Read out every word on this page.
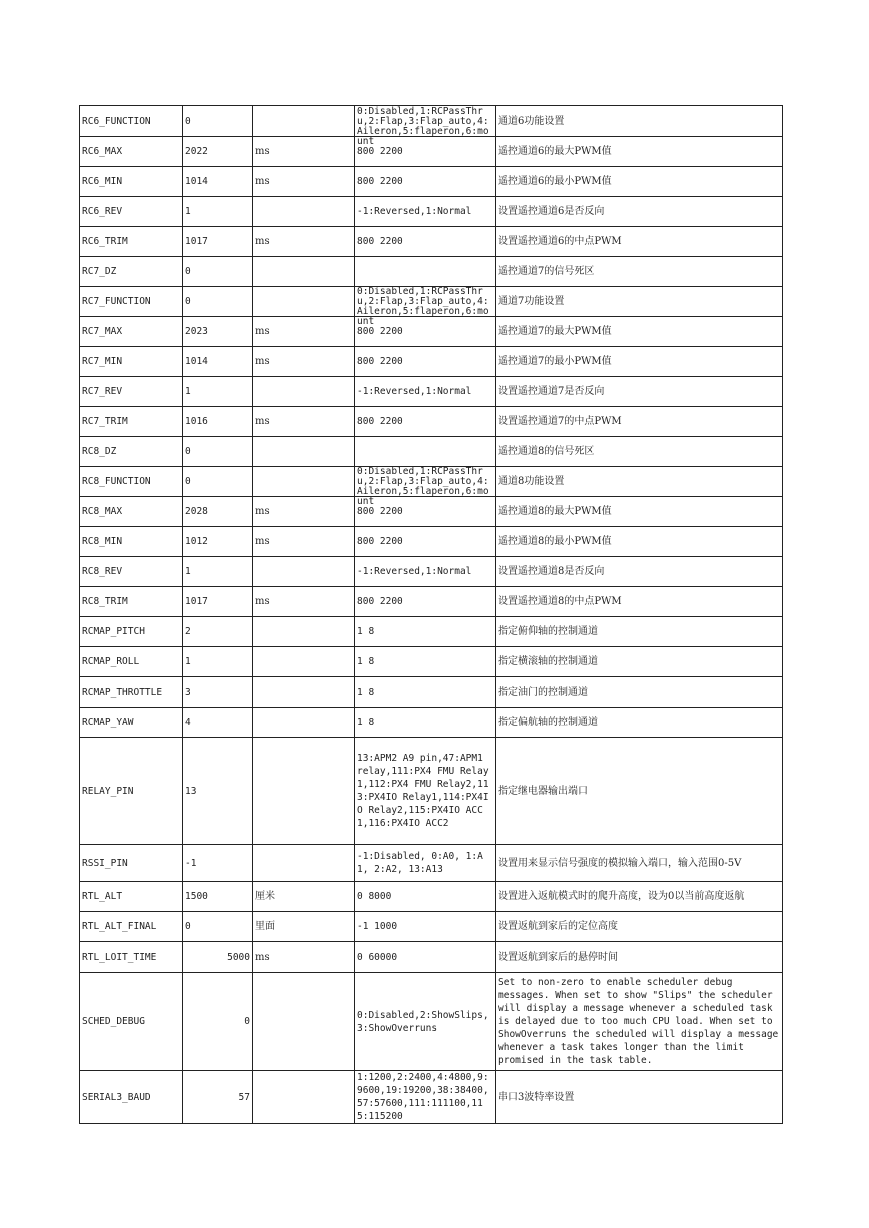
RC6_FUNCTION	0		0:Disabled,1:RCPassThru,2:Flap,3:Flap_auto,4:Aileron,5:flaperon,6:mount	通道6功能设置
RC6_MAX	2022	ms	800 2200	遥控通道6的最大PWM值
RC6_MIN	1014	ms	800 2200	遥控通道6的最小PWM值
RC6_REV	1		-1:Reversed,1:Normal	设置遥控通道6是否反向
RC6_TRIM	1017	ms	800 2200	设置遥控通道6的中点PWM
RC7_DZ	0			遥控通道7的信号死区
RC7_FUNCTION	0		0:Disabled,1:RCPassThru,2:Flap,3:Flap_auto,4:Aileron,5:flaperon,6:mount	通道7功能设置
RC7_MAX	2023	ms	800 2200	遥控通道7的最大PWM值
RC7_MIN	1014	ms	800 2200	遥控通道7的最小PWM值
RC7_REV	1		-1:Reversed,1:Normal	设置遥控通道7是否反向
RC7_TRIM	1016	ms	800 2200	设置遥控通道7的中点PWM
RC8_DZ	0			遥控通道8的信号死区
RC8_FUNCTION	0		0:Disabled,1:RCPassThru,2:Flap,3:Flap_auto,4:Aileron,5:flaperon,6:mount	通道8功能设置
RC8_MAX	2028	ms	800 2200	遥控通道8的最大PWM值
RC8_MIN	1012	ms	800 2200	遥控通道8的最小PWM值
RC8_REV	1		-1:Reversed,1:Normal	设置遥控通道8是否反向
RC8_TRIM	1017	ms	800 2200	设置遥控通道8的中点PWM
RCMAP_PITCH	2		1 8	指定俯仰轴的控制通道
RCMAP_ROLL	1		1 8	指定横滚轴的控制通道
RCMAP_THROTTLE	3		1 8	指定油门的控制通道
RCMAP_YAW	4		1 8	指定偏航轴的控制通道
RELAY_PIN	13		13:APM2 A9 pin,47:APM1 relay,111:PX4 FMU Relay1,112:PX4 FMU Relay2,113:PX4IO Relay1,114:PX4IO Relay2,115:PX4IO ACC1,116:PX4IO ACC2	指定继电器输出端口
RSSI_PIN	-1		-1:Disabled, 0:A0, 1:A1, 2:A2, 13:A13	设置用来显示信号强度的模拟输入端口，输入范围0-5V
RTL_ALT	1500	厘米	0 8000	设置进入返航模式时的爬升高度，设为0以当前高度返航
RTL_ALT_FINAL	0	里面	-1 1000	设置返航到家后的定位高度
RTL_LOIT_TIME	5000	ms	0 60000	设置返航到家后的悬停时间
SCHED_DEBUG	0		0:Disabled,2:ShowSlips,3:ShowOverruns	Set to non-zero to enable scheduler debug messages. When set to show "Slips" the scheduler will display a message whenever a scheduled task is delayed due to too much CPU load. When set to ShowOverruns the scheduled will display a message whenever a task takes longer than the limit promised in the task table.
SERIAL3_BAUD	57		1:1200,2:2400,4:4800,9:9600,19:19200,38:38400,57:57600,111:111100,115:115200	串口3波特率设置
